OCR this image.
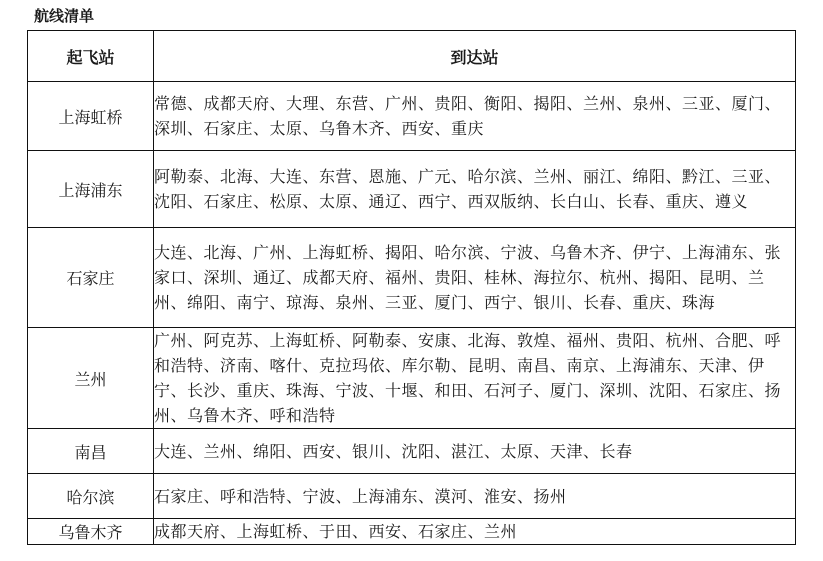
航线清单
起飞站	到达站
上海虹桥	常德、成都天府、大理、东营、广州、贵阳、衡阳、揭阳、兰州、泉州、三亚、厦门、深圳、石家庄、太原、乌鲁木齐、西安、重庆
上海浦东	阿勒泰、北海、大连、东营、恩施、广元、哈尔滨、兰州、丽江、绵阳、黔江、三亚、沈阳、石家庄、松原、太原、通辽、西宁、西双版纳、长白山、长春、重庆、遵义
石家庄	大连、北海、广州、上海虹桥、揭阳、哈尔滨、宁波、乌鲁木齐、伊宁、上海浦东、张家口、深圳、通辽、成都天府、福州、贵阳、桂林、海拉尔、杭州、揭阳、昆明、兰州、绵阳、南宁、琼海、泉州、三亚、厦门、西宁、银川、长春、重庆、珠海
兰州	广州、阿克苏、上海虹桥、阿勒泰、安康、北海、敦煌、福州、贵阳、杭州、合肥、呼和浩特、济南、喀什、克拉玛依、库尔勒、昆明、南昌、南京、上海浦东、天津、伊宁、长沙、重庆、珠海、宁波、十堰、和田、石河子、厦门、深圳、沈阳、石家庄、扬州、乌鲁木齐、呼和浩特
南昌	大连、兰州、绵阳、西安、银川、沈阳、湛江、太原、天津、长春
哈尔滨	石家庄、呼和浩特、宁波、上海浦东、漠河、淮安、扬州
乌鲁木齐	成都天府、上海虹桥、于田、西安、石家庄、兰州
